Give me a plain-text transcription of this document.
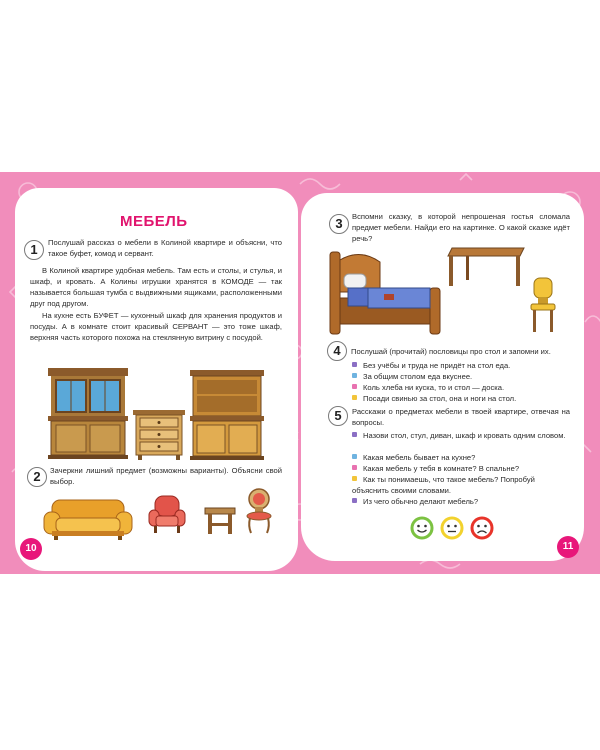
МЕБЕЛЬ
1	Послушай рассказ о мебели в Колиной квартире и объясни, что такое буфет, комод и сервант.
В Колиной квартире удобная мебель. Там есть и столы, и стулья, и шкаф, и кровать. А Колины игрушки хранятся в КОМОДЕ — так называется большая тумба с выдвижными ящиками, расположенными друг под другом.
На кухне есть БУФЕТ — кухонный шкаф для хранения продуктов и посуды. А в комнате стоит красивый СЕРВАНТ — это тоже шкаф, верхняя часть которого похожа на стеклянную витрину с посудой.
2	Зачеркни лишний предмет (возможны варианты). Объясни свой выбор.
10
3	Вспомни сказку, в которой непрошеная гостья сломала предмет мебели. Найди его на картинке. О какой сказке идёт речь?
4	Послушай (прочитай) пословицы про стол и запомни их.
Без учёбы и труда не придёт на стол еда.
За общим столом еда вкуснее.
Коль хлеба ни куска, то и стол — доска.
Посади свинью за стол, она и ноги на стол.
5	Расскажи о предметах мебели в твоей квартире, отвечая на вопросы.
Назови стол, стул, диван, шкаф и кровать одним словом.
Какая мебель бывает на кухне?
Какая мебель у тебя в комнате? В спальне?
Как ты понимаешь, что такое мебель? Попробуй объяснить своими словами.
Из чего обычно делают мебель?
11
